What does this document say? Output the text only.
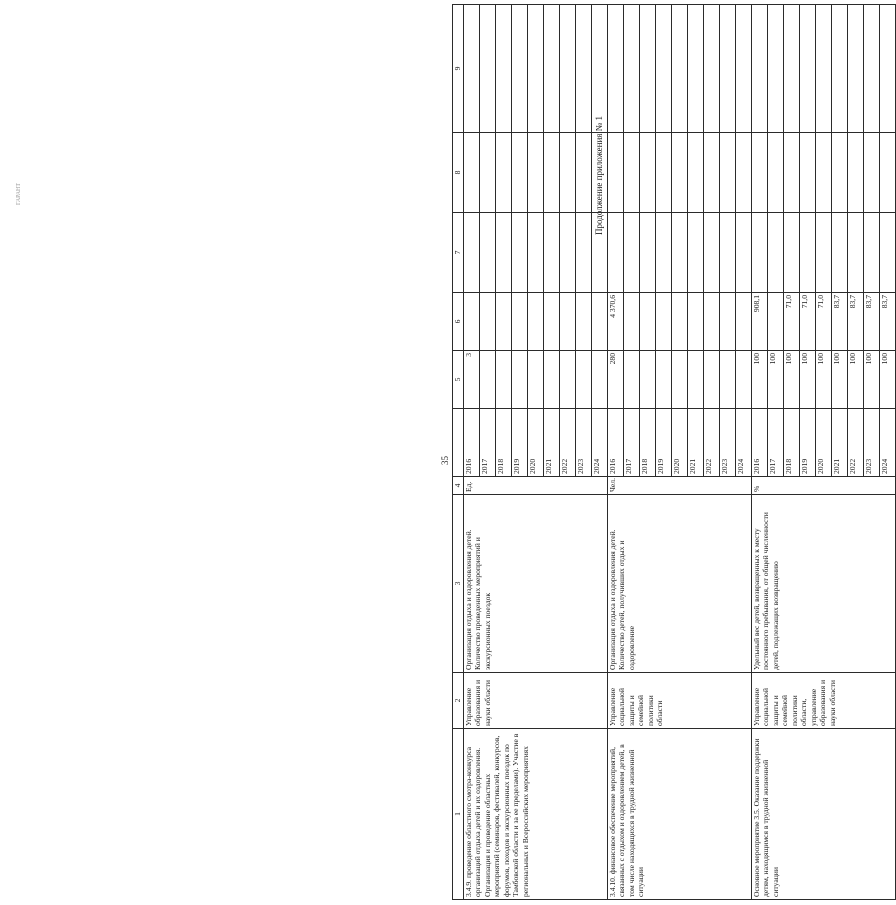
ГАРАНТ
35
Продолжение приложения № 1
1	2	3	4		5	6	7	8	9
3.4.9. проведение областного смотра-конкурса организаций отдыха детей и их оздоровления. Организация и проведение областных мероприятий (семинаров, фестивалей, конкурсов, форумов, походов и экскурсионных поездок по Тамбовской области и за ее пределами). Участие в региональных и Всероссийских мероприятиях	Управление образования и науки области	Организация отдыха и оздоровления детей. Количество проведенных мероприятий и экскурсионных поездок	Ед.	2016	3				
				2017					
				2018					
				2019					
				2020					
				2021					
				2022					
				2023					
				2024					
3.4.10. финансовое обеспечение мероприятий, связанных с отдыхом и оздоровлением детей, в том числе находящихся в трудной жизненной ситуации	Управление социальной защиты и семейной политики области	Организация отдыха и оздоровления детей. Количество детей, получивших отдых и оздоровление	Чел.	2016	280	4 370,6			
				2017					
				2018					
				2019					
				2020					
				2021					
				2022					
				2023					
				2024					
Основное мероприятие 3.5. Оказание поддержки детям, находящимся в трудной жизненной ситуации	Управление социальной защиты и семейной политики области, управление образования и науки области	Удельный вес детей, возвращенных к месту постоянного пребывания, от общей численности детей, подлежащих возвращению	%	2016	100	908,1			
				2017	100				
				2018	100	71,0			
				2019	100	71,0			
				2020	100	71,0			
				2021	100	83,7			
				2022	100	83,7			
				2023	100	83,7			
				2024	100	83,7			
